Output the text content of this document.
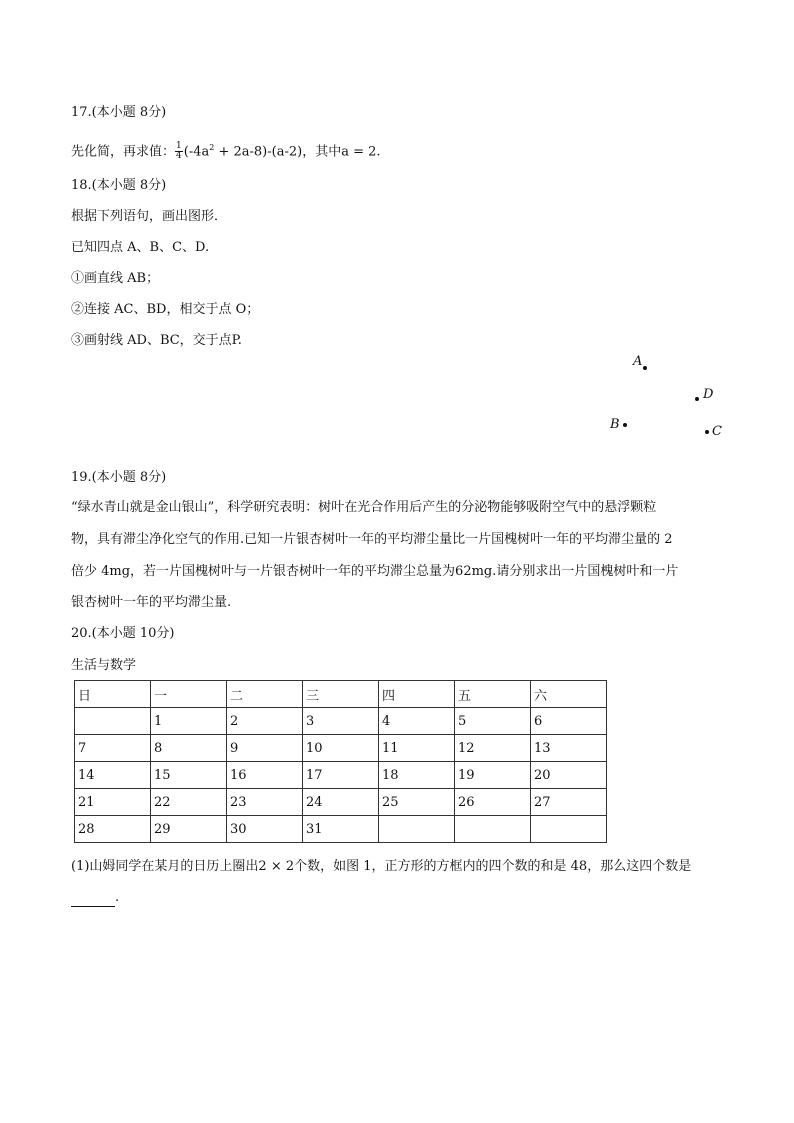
17.(本小题 8分)
先化简，再求值： $\frac{1}{4} (-4a^2 + 2a-8)-(a-2)$，其中a = 2.
18.(本小题 8分)
根据下列语句，画出图形．
已知四点 A、B、C、D.
①画直线 AB；
②连接 AC、BD，相交于点 O；
③画射线 AD、BC，交于点P.
A
D
B	C
19.(本小题 8分)
“绿水青山就是金山银山”，科学研究表明：树叶在光合作用后产生的分泌物能够吸附空气中的悬浮颗粒
物，具有滞尘净化空气的作用.已知一片银杏树叶一年的平均滞尘量比一片国槐树叶一年的平均滞尘量的 2
倍少 4mg，若一片国槐树叶与一片银杏树叶一年的平均滞尘总量为62mg.请分别求出一片国槐树叶和一片
银杏树叶一年的平均滞尘量.
20.(本小题 10分)
生活与数学
日	一	二	三	四	五	六
	1	2	3	4	5	6
7	8	9	10	11	12	13
14	15	16	17	18	19	20
21	22	23	24	25	26	27
28	29	30	31			
(1)山姆同学在某月的日历上圈出2 × 2个数，如图 1，正方形的方框内的四个数的和是 48，那么这四个数是
.
